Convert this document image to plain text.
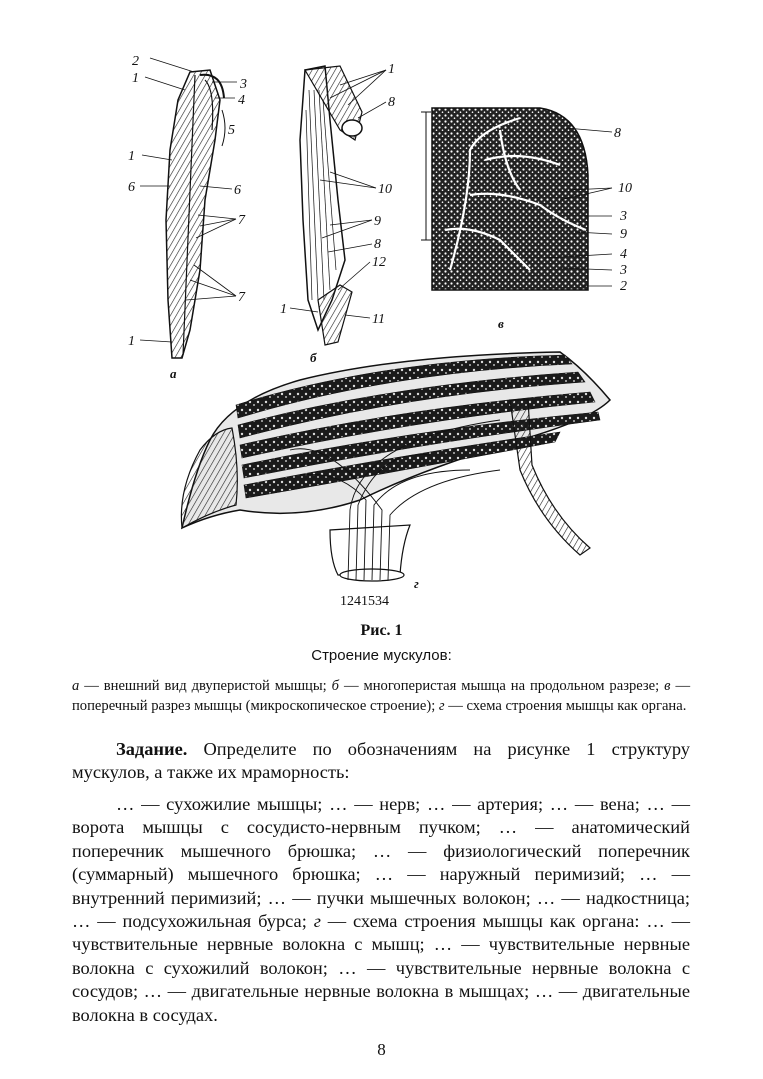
2
1	3
4
5
1
6	6
7
7
1
а
1
8
10
9
8
12
1
11
б
8
10
3
9
4
3
2
в
1241534
г
Рис. 1
Строение мускулов:
а — внешний вид двуперистой мышцы; б — многоперистая мышца на продольном разрезе; в — поперечный разрез мышцы (микроскопическое строение); г — схема строения мышцы как органа.
Задание. Определите по обозначениям на рисунке 1 структуру мускулов, а также их мраморность:
… — сухожилие мышцы; … — нерв; … — артерия; … — вена; … — ворота мышцы с сосудисто-нервным пучком; … — анатомический поперечник мышечного брюшка; … — физиологический поперечник (суммарный) мышечного брюшка; … — наружный перимизий; … — внутренний перимизий; … — пучки мышечных волокон; … — надкостница; … — подсухожильная бурса; г — схема строения мышцы как органа: … — чувствительные нервные волокна с мышц; … — чувствительные нервные волокна с сухожилий волокон; … — чувствительные нервные волокна с сосудов; … — двигательные нервные волокна в мышцах; … — двигательные волокна в сосудах.
8
